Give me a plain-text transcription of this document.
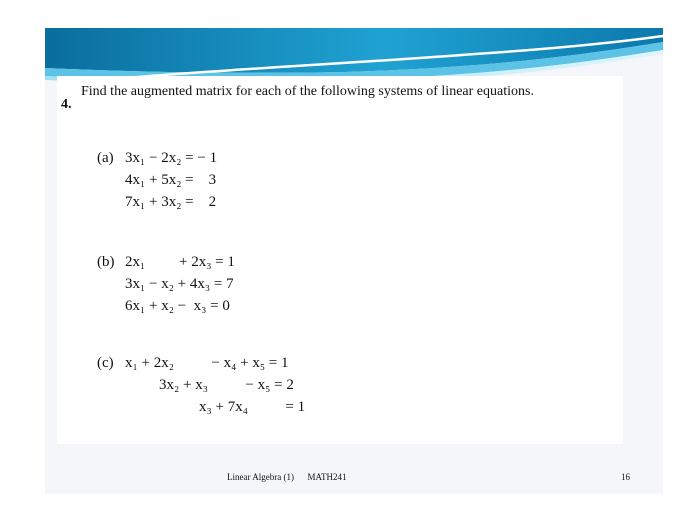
Find the augmented matrix for each of the following systems of linear equations.
4.
(a) 3x₁ − 2x₂ = − 1
4x₁ + 5x₂ =    3
7x₁ + 3x₂ =    2
(b) 2x₁         + 2x₃ = 1
3x₁ − x₂ + 4x₃ = 7
6x₁ + x₂ −  x₃ = 0
(c) x₁ + 2x₂          − x₄ + x₅ = 1
3x₂ + x₃          − x₅ = 2
x₃ + 7x₄          = 1
Linear Algebra (1) MATH241	16
